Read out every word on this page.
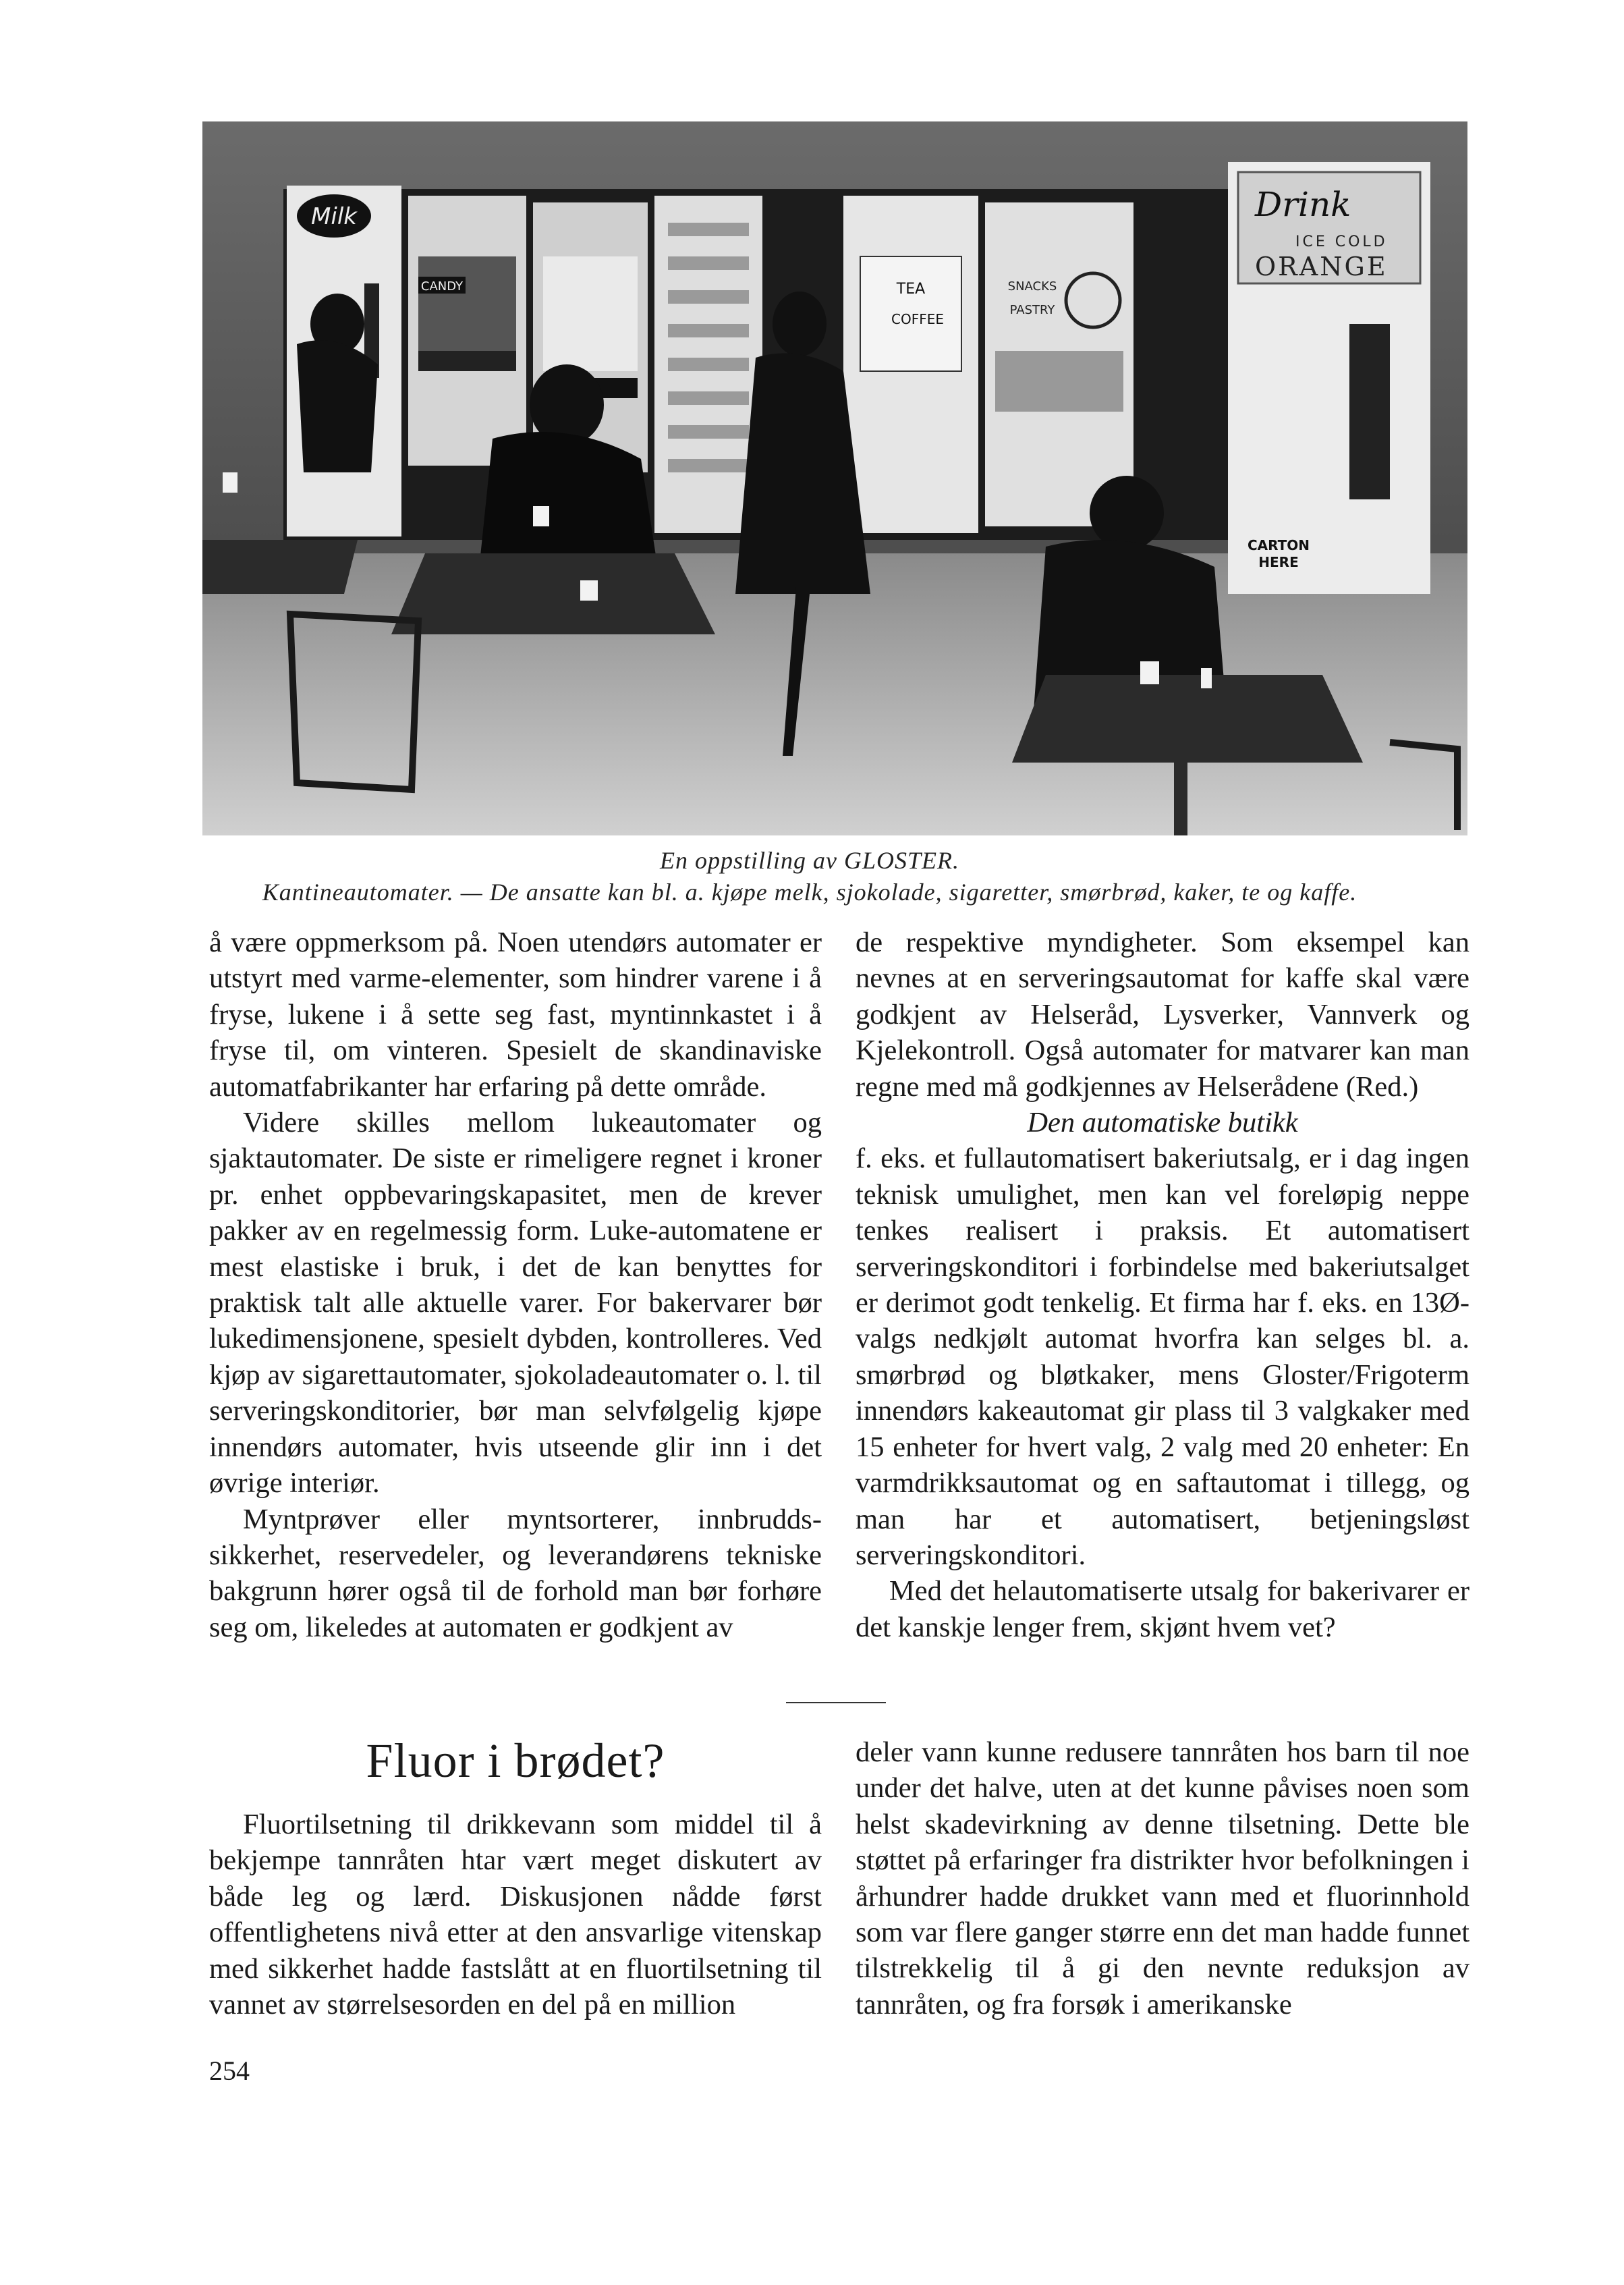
Milk
CANDY	TEA
COFFEE
SNACKS
PASTRY
Drink
ICE COLD
ORANGE
CARTON
HERE

En oppstilling av GLOSTER.

Kantineautomater. — De ansatte kan bl. a. kjøpe melk, sjokolade, sigaretter, smørbrød, kaker, te og kaffe.

å være oppmerksom på. Noen utendørs automater er utstyrt med varme-elementer, som hindrer varene i å fryse, lukene i å sette seg fast, myntinnkastet i å fryse til, om vinteren. Spesielt de skandinaviske automatfabrikanter har erfaring på dette område.

Videre skilles mellom lukeautomater og sjaktautomater. De siste er rimeligere regnet i kroner pr. enhet oppbevaringskapasitet, men de krever pakker av en regelmessig form. Luke-automatene er mest elastiske i bruk, i det de kan benyttes for praktisk talt alle aktuelle varer. For bakervarer bør lukedimensjonene, spesielt dybden, kontrolleres. Ved kjøp av sigarettautomater, sjokoladeautomater o. l. til serveringskonditorier, bør man selvfølgelig kjøpe innendørs automater, hvis utseende glir inn i det øvrige interiør.

Myntprøver eller myntsorterer, innbrudds-sikkerhet, reservedeler, og leverandørens tekniske bakgrunn hører også til de forhold man bør forhøre seg om, likeledes at automaten er godkjent av

de respektive myndigheter. Som eksempel kan nevnes at en serveringsautomat for kaffe skal være godkjent av Helseråd, Lysverker, Vannverk og Kjelekontroll. Også automater for matvarer kan man regne med må godkjennes av Helserådene (Red.)

Den automatiske butikk

f. eks. et fullautomatisert bakeriutsalg, er i dag ingen teknisk umulighet, men kan vel foreløpig neppe tenkes realisert i praksis. Et automatisert serveringskonditori i forbindelse med bakeriutsalget er derimot godt tenkelig. Et firma har f. eks. en 13Ø-valgs nedkjølt automat hvorfra kan selges bl. a. smørbrød og bløtkaker, mens Gloster/Frigoterm innendørs kakeautomat gir plass til 3 valgkaker med 15 enheter for hvert valg, 2 valg med 20 enheter: En varmdrikksautomat og en saftautomat i tillegg, og man har et automatisert, betjeningsløst serveringskonditori.

Med det helautomatiserte utsalg for bakerivarer er det kanskje lenger frem, skjønt hvem vet?

Fluor i brødet?

Fluortilsetning til drikkevann som middel til å bekjempe tannråten htar vært meget diskutert av både leg og lærd. Diskusjonen nådde først offentlighetens nivå etter at den ansvarlige vitenskap med sikkerhet hadde fastslått at en fluortilsetning til vannet av størrelsesorden en del på en million

deler vann kunne redusere tannråten hos barn til noe under det halve, uten at det kunne påvises noen som helst skadevirkning av denne tilsetning. Dette ble støttet på erfaringer fra distrikter hvor befolkningen i århundrer hadde drukket vann med et fluorinnhold som var flere ganger større enn det man hadde funnet tilstrekkelig til å gi den nevnte reduksjon av tannråten, og fra forsøk i amerikanske

254
